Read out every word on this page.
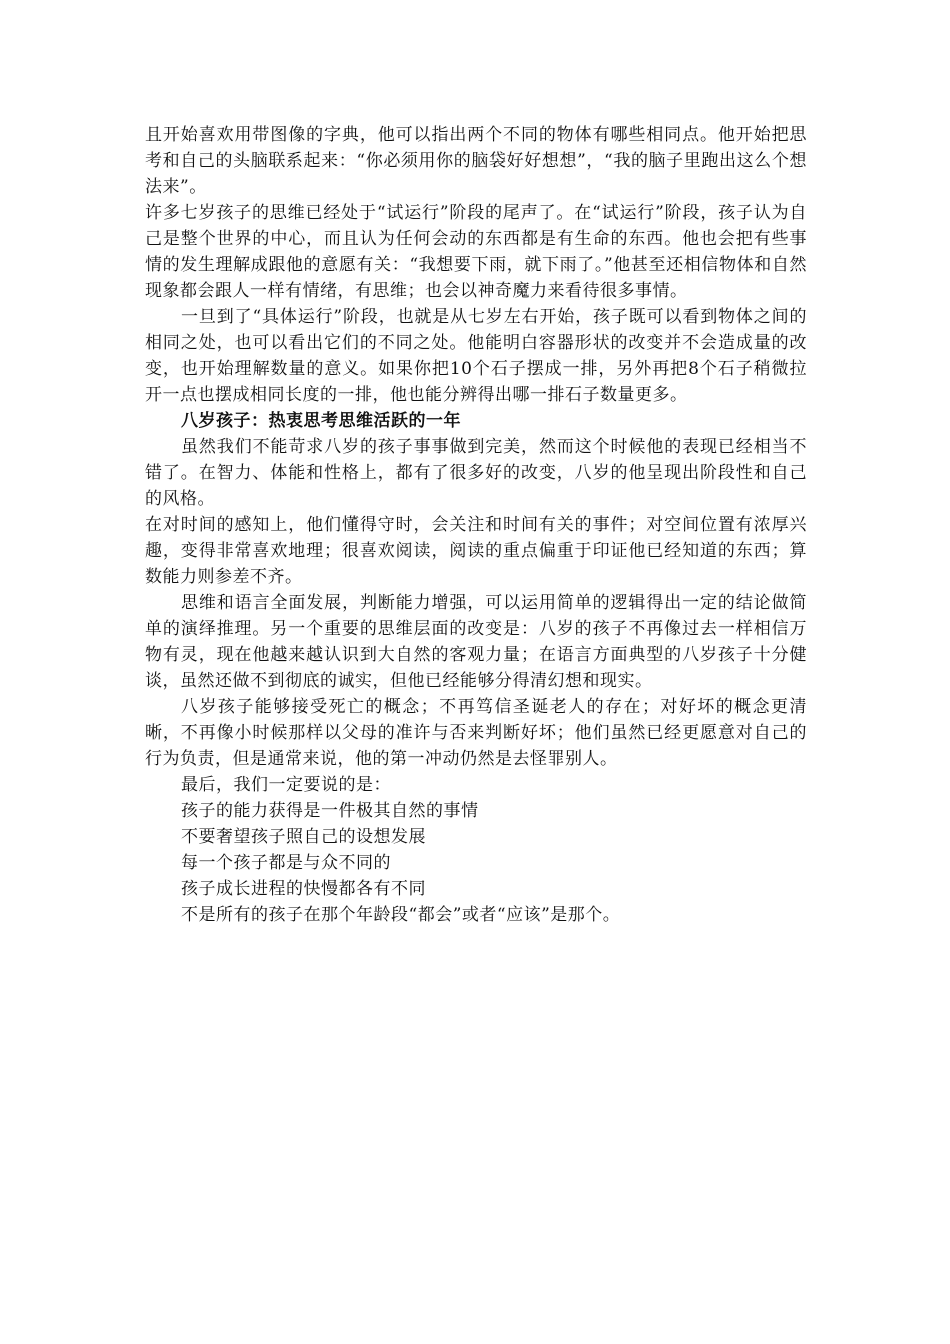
且开始喜欢用带图像的字典，他可以指出两个不同的物体有哪些相同点。他开始把思考和自己的头脑联系起来：“你必须用你的脑袋好好想想”，“我的脑子里跑出这么个想法来”。

许多七岁孩子的思维已经处于“试运行”阶段的尾声了。在“试运行”阶段，孩子认为自己是整个世界的中心，而且认为任何会动的东西都是有生命的东西。他也会把有些事情的发生理解成跟他的意愿有关：“我想要下雨，就下雨了。”他甚至还相信物体和自然现象都会跟人一样有情绪，有思维；也会以神奇魔力来看待很多事情。

一旦到了“具体运行”阶段，也就是从七岁左右开始，孩子既可以看到物体之间的相同之处，也可以看出它们的不同之处。他能明白容器形状的改变并不会造成量的改变，也开始理解数量的意义。如果你把10个石子摆成一排，另外再把8个石子稍微拉开一点也摆成相同长度的一排，他也能分辨得出哪一排石子数量更多。

八岁孩子：热衷思考思维活跃的一年

虽然我们不能苛求八岁的孩子事事做到完美，然而这个时候他的表现已经相当不错了。在智力、体能和性格上，都有了很多好的改变，八岁的他呈现出阶段性和自己的风格。

在对时间的感知上，他们懂得守时，会关注和时间有关的事件；对空间位置有浓厚兴趣，变得非常喜欢地理；很喜欢阅读，阅读的重点偏重于印证他已经知道的东西；算数能力则参差不齐。

思维和语言全面发展，判断能力增强，可以运用简单的逻辑得出一定的结论做简单的演绎推理。另一个重要的思维层面的改变是：八岁的孩子不再像过去一样相信万物有灵，现在他越来越认识到大自然的客观力量；在语言方面典型的八岁孩子十分健谈，虽然还做不到彻底的诚实，但他已经能够分得清幻想和现实。

八岁孩子能够接受死亡的概念；不再笃信圣诞老人的存在；对好坏的概念更清晰，不再像小时候那样以父母的准许与否来判断好坏；他们虽然已经更愿意对自己的行为负责，但是通常来说，他的第一冲动仍然是去怪罪别人。

最后，我们一定要说的是：

孩子的能力获得是一件极其自然的事情

不要奢望孩子照自己的设想发展

每一个孩子都是与众不同的

孩子成长进程的快慢都各有不同

不是所有的孩子在那个年龄段“都会”或者“应该”是那个。
